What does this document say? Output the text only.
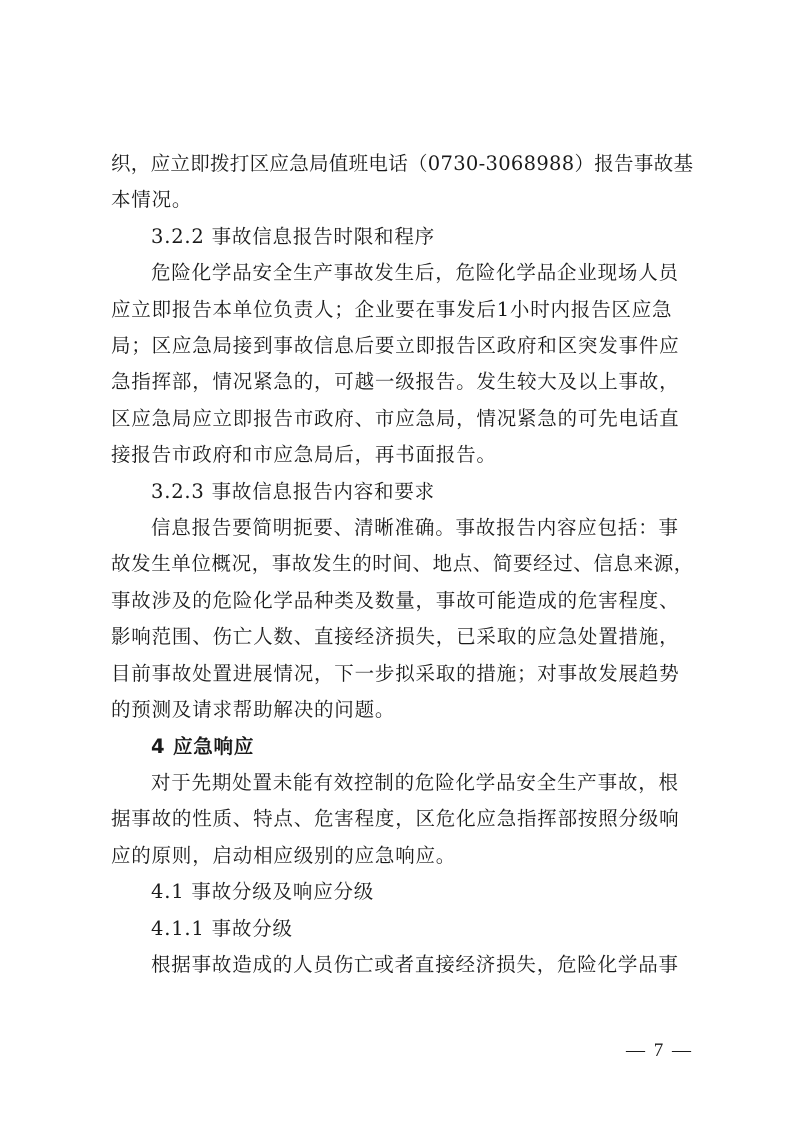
织，应立即拨打区应急局值班电话（0730-3068988）报告事故基
本情况。

3.2.2 事故信息报告时限和程序

危险化学品安全生产事故发生后，危险化学品企业现场人员
应立即报告本单位负责人；企业要在事发后1小时内报告区应急
局；区应急局接到事故信息后要立即报告区政府和区突发事件应
急指挥部，情况紧急的，可越一级报告。发生较大及以上事故，
区应急局应立即报告市政府、市应急局，情况紧急的可先电话直
接报告市政府和市应急局后，再书面报告。

3.2.3 事故信息报告内容和要求

信息报告要简明扼要、清晰准确。事故报告内容应包括：事
故发生单位概况，事故发生的时间、地点、简要经过、信息来源，
事故涉及的危险化学品种类及数量，事故可能造成的危害程度、
影响范围、伤亡人数、直接经济损失，已采取的应急处置措施，
目前事故处置进展情况，下一步拟采取的措施；对事故发展趋势
的预测及请求帮助解决的问题。

4 应急响应

对于先期处置未能有效控制的危险化学品安全生产事故，根
据事故的性质、特点、危害程度，区危化应急指挥部按照分级响
应的原则，启动相应级别的应急响应。

4.1 事故分级及响应分级

4.1.1 事故分级

根据事故造成的人员伤亡或者直接经济损失，危险化学品事

— 7 —
